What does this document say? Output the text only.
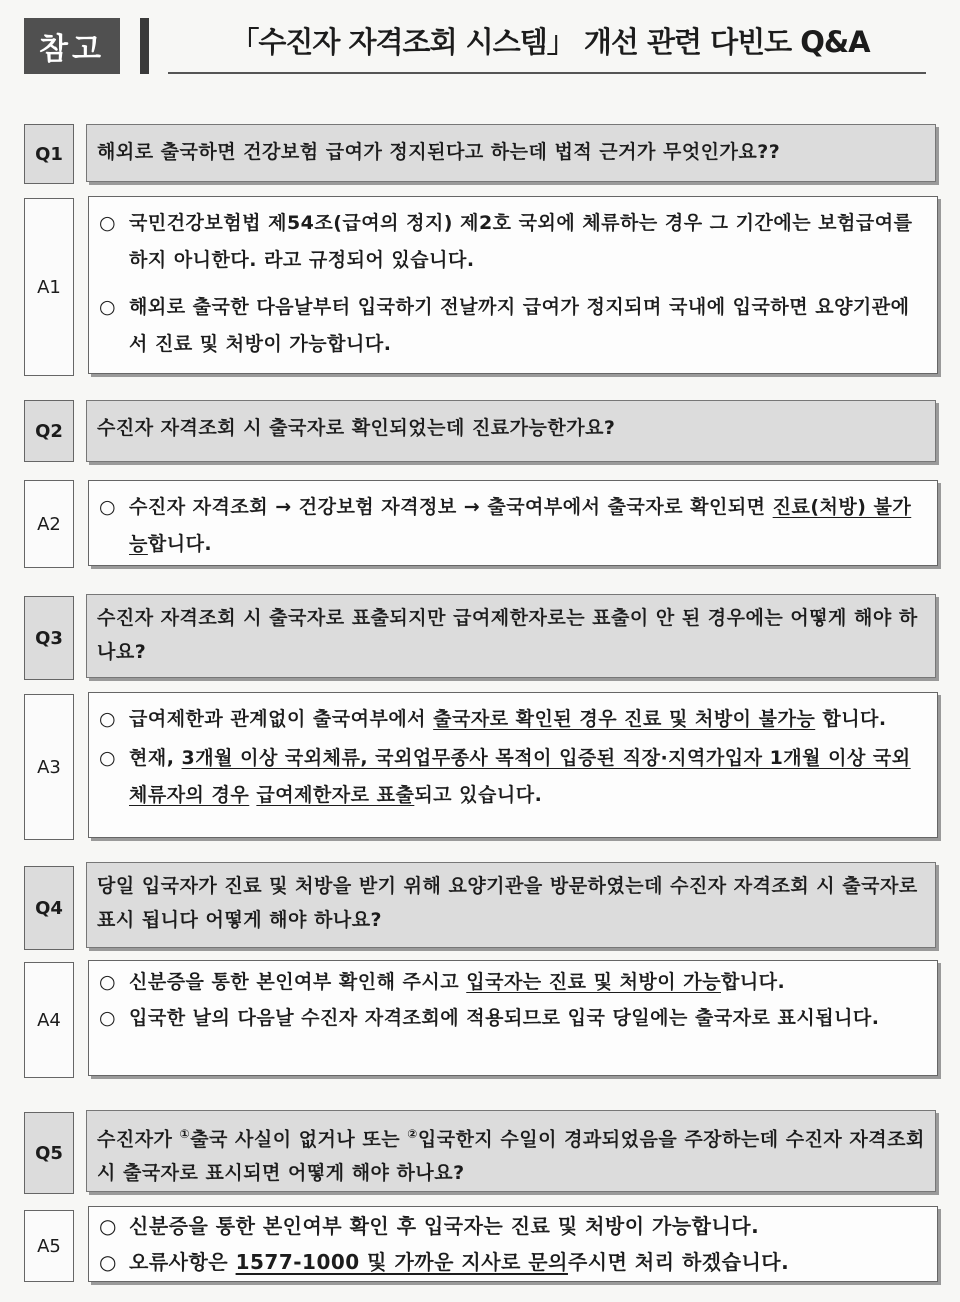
참고	「수진자 자격조회 시스템」 개선 관련 다빈도 Q&A
Q1	해외로 출국하면 건강보험 급여가 정지된다고 하는데 법적 근거가 무엇인가요??
A1
○ 국민건강보험법 제54조(급여의 정지) 제2호 국외에 체류하는 경우 그 기간에는 보험급여를 하지 아니한다. 라고 규정되어 있습니다.
○ 해외로 출국한 다음날부터 입국하기 전날까지 급여가 정지되며 국내에 입국하면 요양기관에서 진료 및 처방이 가능합니다.
Q2	수진자 자격조회 시 출국자로 확인되었는데 진료가능한가요?
A2
○ 수진자 자격조회 → 건강보험 자격정보 → 출국여부에서 출국자로 확인되면 진료(처방) 불가능합니다.
Q3
수진자 자격조회 시 출국자로 표출되지만 급여제한자로는 표출이 안 된 경우에는 어떻게 해야 하나요?
A3
○ 급여제한과 관계없이 출국여부에서 출국자로 확인된 경우 진료 및 처방이 불가능 합니다.
○ 현재, 3개월 이상 국외체류, 국외업무종사 목적이 입증된 직장·지역가입자 1개월 이상 국외 체류자의 경우 급여제한자로 표출되고 있습니다.
Q4
당일 입국자가 진료 및 처방을 받기 위해 요양기관을 방문하였는데 수진자 자격조회 시 출국자로 표시 됩니다 어떻게 해야 하나요?
A4
○ 신분증을 통한 본인여부 확인해 주시고 입국자는 진료 및 처방이 가능합니다.
○ 입국한 날의 다음날 수진자 자격조회에 적용되므로 입국 당일에는 출국자로 표시됩니다.
Q5
수진자가 ①출국 사실이 없거나 또는 ②입국한지 수일이 경과되었음을 주장하는데 수진자 자격조회 시 출국자로 표시되면 어떻게 해야 하나요?
A5
○ 신분증을 통한 본인여부 확인 후 입국자는 진료 및 처방이 가능합니다.
○ 오류사항은 1577-1000 및 가까운 지사로 문의주시면 처리 하겠습니다.
